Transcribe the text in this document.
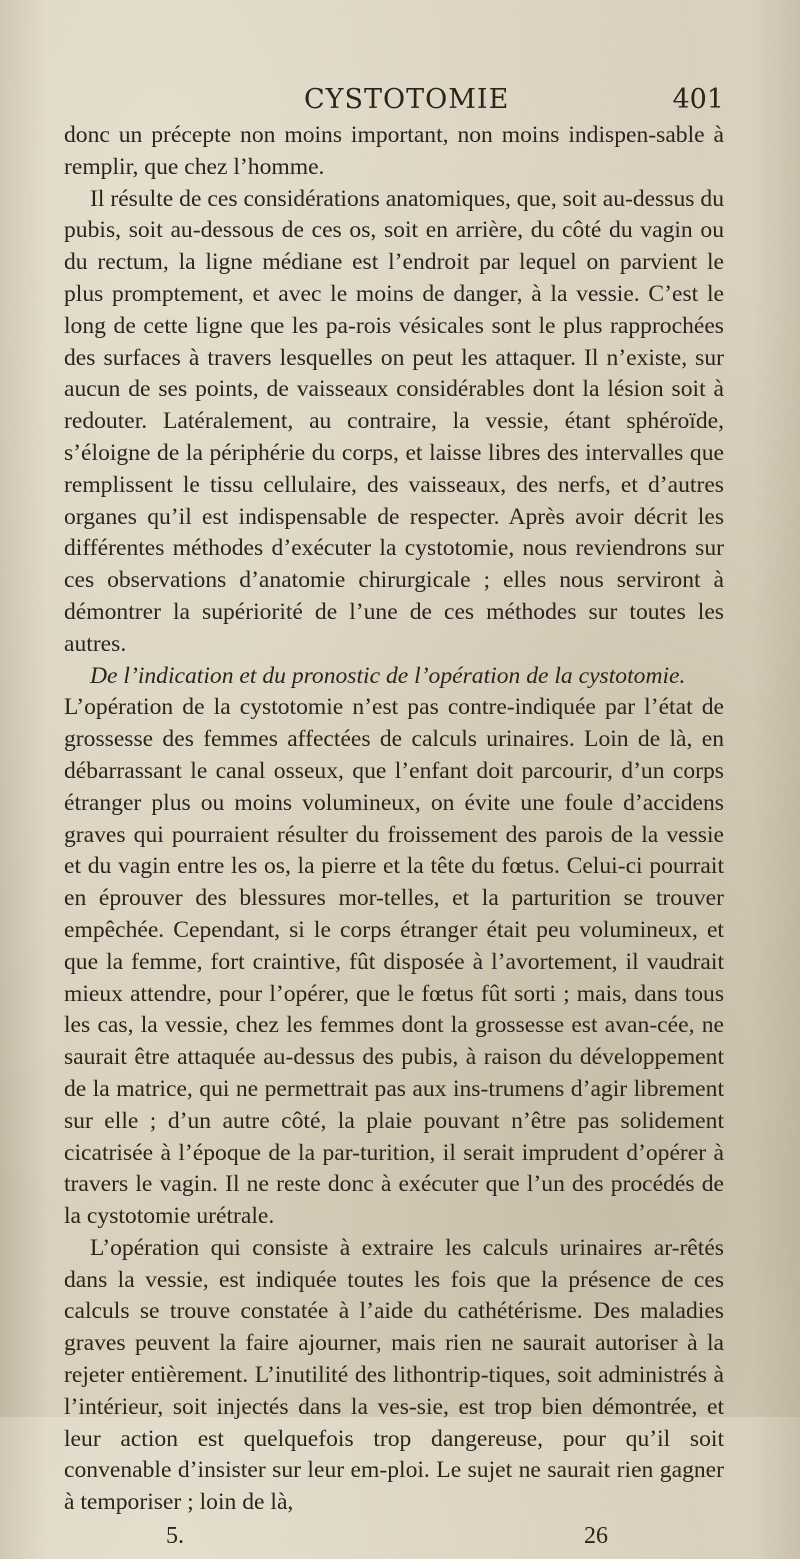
CYSTOTOMIE	401

donc un précepte non moins important, non moins indispen-sable à remplir, que chez l’homme.

Il résulte de ces considérations anatomiques, que, soit au-dessus du pubis, soit au-dessous de ces os, soit en arrière, du côté du vagin ou du rectum, la ligne médiane est l’endroit par lequel on parvient le plus promptement, et avec le moins de danger, à la vessie. C’est le long de cette ligne que les pa-rois vésicales sont le plus rapprochées des surfaces à travers lesquelles on peut les attaquer. Il n’existe, sur aucun de ses points, de vaisseaux considérables dont la lésion soit à redouter. Latéralement, au contraire, la vessie, étant sphéroïde, s’éloigne de la périphérie du corps, et laisse libres des intervalles que remplissent le tissu cellulaire, des vaisseaux, des nerfs, et d’autres organes qu’il est indispensable de respecter. Après avoir décrit les différentes méthodes d’exécuter la cystotomie, nous reviendrons sur ces observations d’anatomie chirurgicale ; elles nous serviront à démontrer la supériorité de l’une de ces méthodes sur toutes les autres.

De l’indication et du pronostic de l’opération de la cystotomie.

L’opération de la cystotomie n’est pas contre-indiquée par l’état de grossesse des femmes affectées de calculs urinaires. Loin de là, en débarrassant le canal osseux, que l’enfant doit parcourir, d’un corps étranger plus ou moins volumineux, on évite une foule d’accidens graves qui pourraient résulter du froissement des parois de la vessie et du vagin entre les os, la pierre et la tête du fœtus. Celui-ci pourrait en éprouver des blessures mor-telles, et la parturition se trouver empêchée. Cependant, si le corps étranger était peu volumineux, et que la femme, fort craintive, fût disposée à l’avortement, il vaudrait mieux attendre, pour l’opérer, que le fœtus fût sorti ; mais, dans tous les cas, la vessie, chez les femmes dont la grossesse est avan-cée, ne saurait être attaquée au-dessus des pubis, à raison du développement de la matrice, qui ne permettrait pas aux ins-trumens d’agir librement sur elle ; d’un autre côté, la plaie pouvant n’être pas solidement cicatrisée à l’époque de la par-turition, il serait imprudent d’opérer à travers le vagin. Il ne reste donc à exécuter que l’un des procédés de la cystotomie urétrale.

L’opération qui consiste à extraire les calculs urinaires ar-rêtés dans la vessie, est indiquée toutes les fois que la présence de ces calculs se trouve constatée à l’aide du cathétérisme. Des maladies graves peuvent la faire ajourner, mais rien ne saurait autoriser à la rejeter entièrement. L’inutilité des lithontrip-tiques, soit administrés à l’intérieur, soit injectés dans la ves-sie, est trop bien démontrée, et leur action est quelquefois trop dangereuse, pour qu’il soit convenable d’insister sur leur em-ploi. Le sujet ne saurait rien gagner à temporiser ; loin de là,

5.	26
